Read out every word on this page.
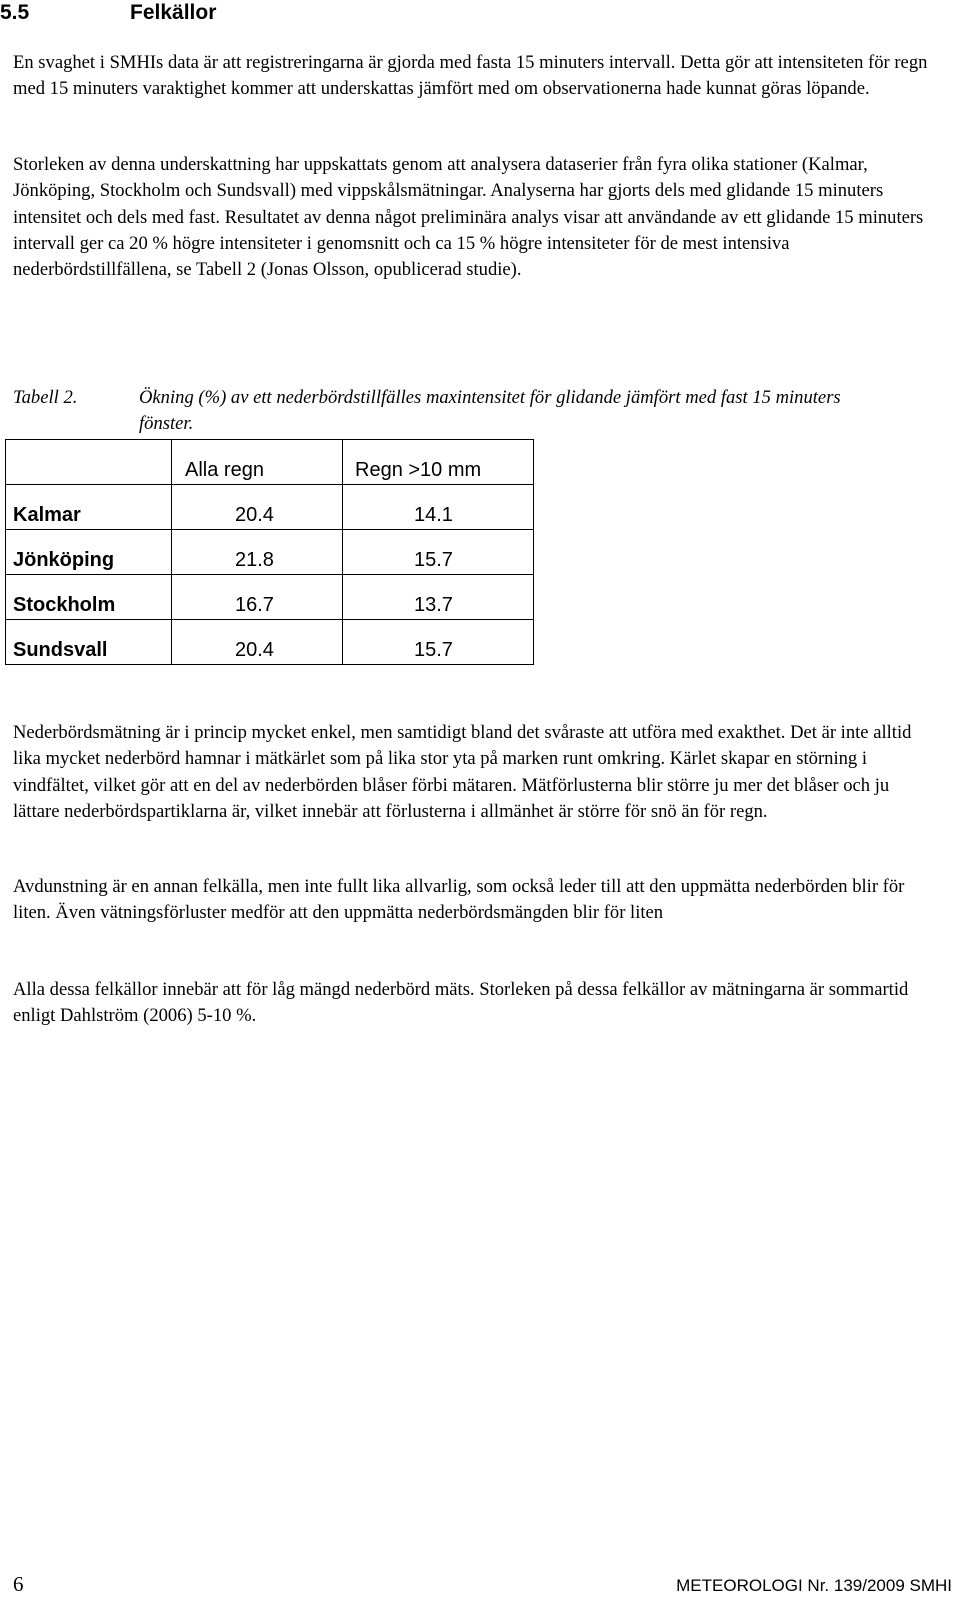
5.5	Felkällor

En svaghet i SMHIs data är att registreringarna är gjorda med fasta 15 minuters intervall. Detta gör att intensiteten för regn med 15 minuters varaktighet kommer att underskattas jämfört med om observationerna hade kunnat göras löpande.

Storleken av denna underskattning har uppskattats genom att analysera dataserier från fyra olika stationer (Kalmar, Jönköping, Stockholm och Sundsvall) med vippskålsmätningar. Analyserna har gjorts dels med glidande 15 minuters intensitet och dels med fast. Resultatet av denna något preliminära analys visar att användande av ett glidande 15 minuters intervall ger ca 20 % högre intensiteter i genomsnitt och ca 15 % högre intensiteter för de mest intensiva nederbördstillfällena, se Tabell 2 (Jonas Olsson, opublicerad studie).

Tabell 2.	Ökning (%) av ett nederbördstillfälles maxintensitet för glidande jämfört med fast 15 minuters fönster.
	Alla regn	Regn >10 mm
Kalmar	20.4	14.1
Jönköping	21.8	15.7
Stockholm	16.7	13.7
Sundsvall	20.4	15.7

Nederbördsmätning är i princip mycket enkel, men samtidigt bland det svåraste att utföra med exakthet. Det är inte alltid lika mycket nederbörd hamnar i mätkärlet som på lika stor yta på marken runt omkring. Kärlet skapar en störning i vindfältet, vilket gör att en del av nederbörden blåser förbi mätaren. Mätförlusterna blir större ju mer det blåser och ju lättare nederbördspartiklarna är, vilket innebär att förlusterna i allmänhet är större för snö än för regn.

Avdunstning är en annan felkälla, men inte fullt lika allvarlig, som också leder till att den uppmätta nederbörden blir för liten. Även vätningsförluster medför att den uppmätta nederbördsmängden blir för liten

Alla dessa felkällor innebär att för låg mängd nederbörd mäts. Storleken på dessa felkällor av mätningarna är sommartid enligt Dahlström (2006) 5-10 %.

6	METEOROLOGI Nr. 139/2009 SMHI
